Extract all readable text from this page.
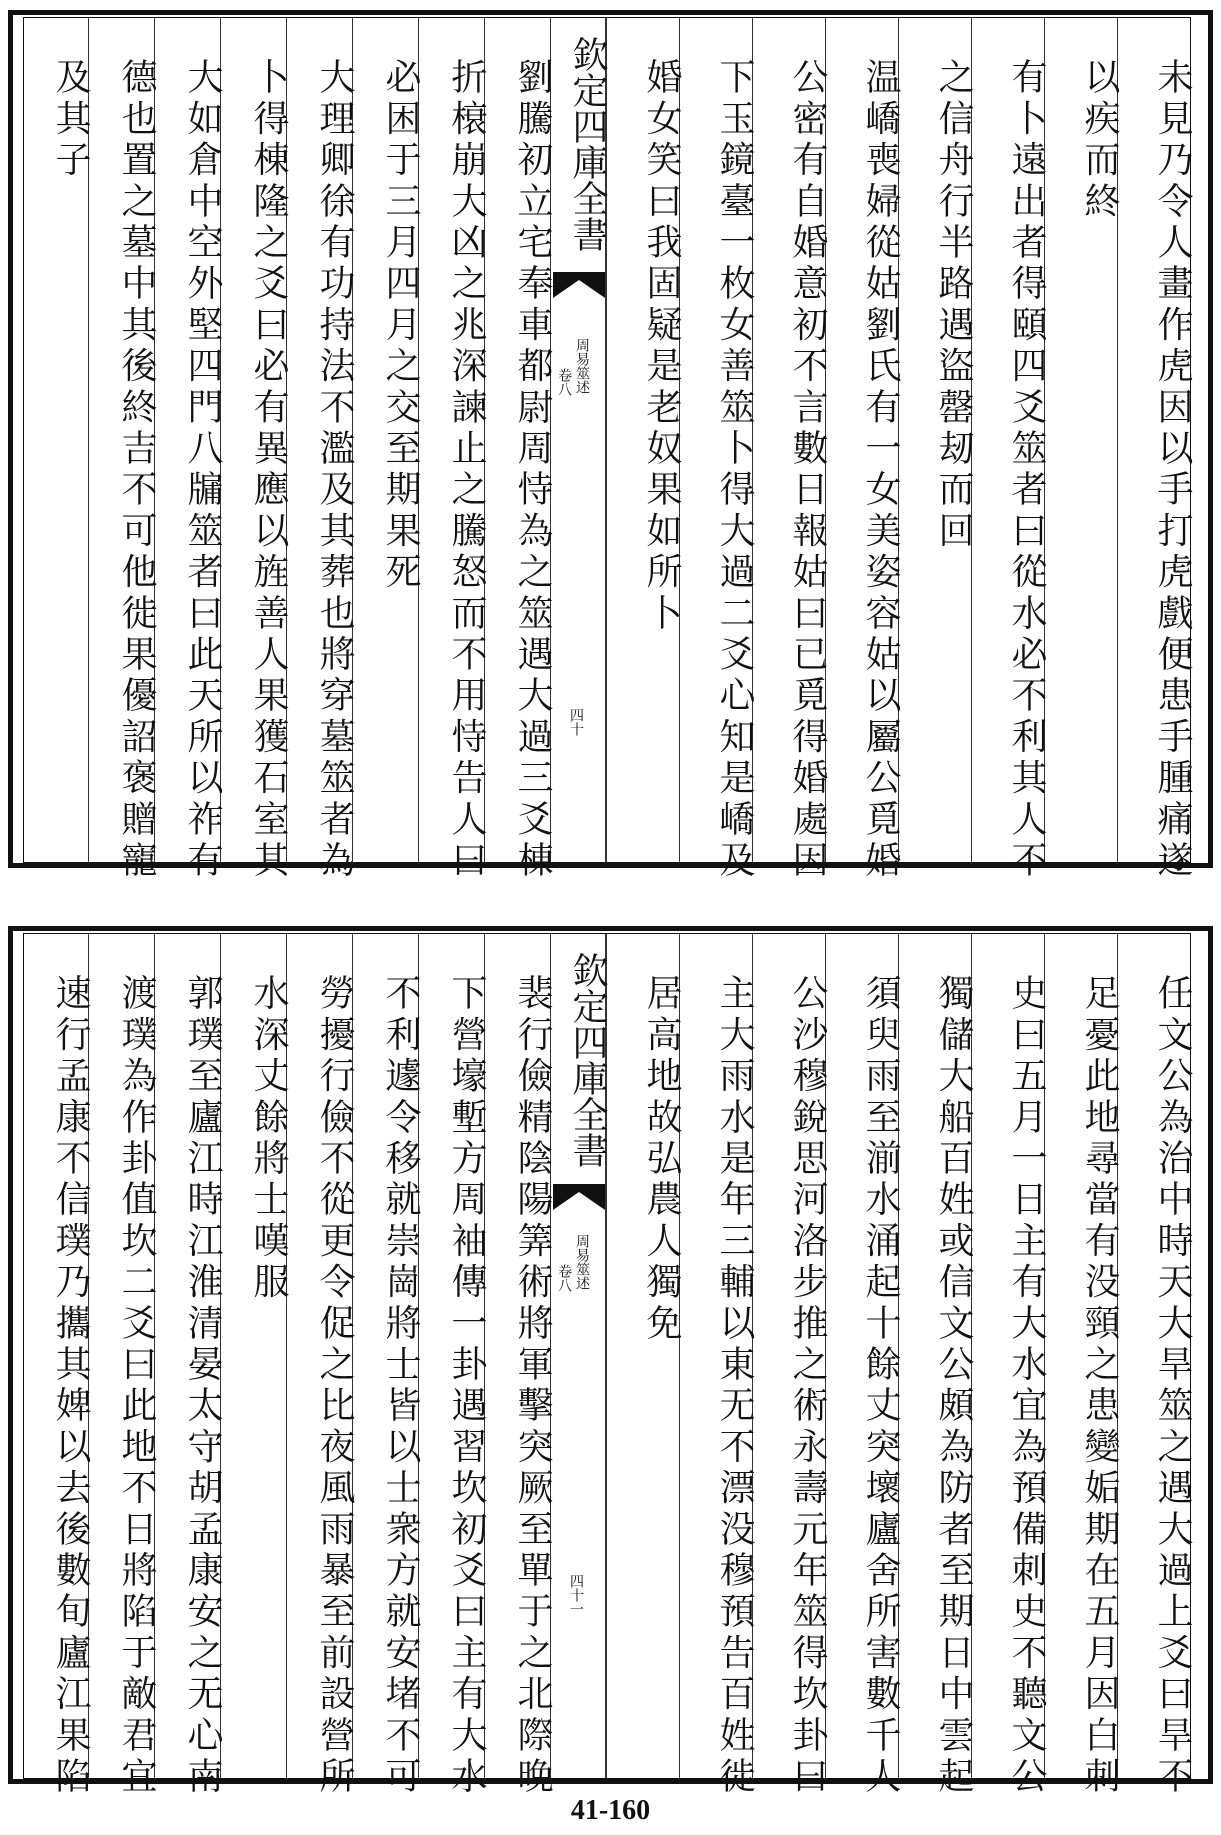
未見乃令人畫作虎因以手打虎戲便患手腫痛遂
以疾而終
有卜遠出者得頤四爻筮者曰從水必不利其人不
之信舟行半路遇盜罄刼而回
温嶠喪婦從姑劉氏有一女美姿容姑以屬公覓婚
公密有自婚意初不言數日報姑曰已覓得婚處因
下玉鏡臺一枚女善筮卜得大過二爻心知是嶠及
婚女笑曰我固疑是老奴果如所卜
欽定四庫全書
周易筮述
卷八
四十
劉騰初立宅奉車都尉周恃為之筮遇大過三爻棟
折榱崩大凶之兆深諫止之騰怒而不用恃告人曰
必困于三月四月之交至期果死
大理卿徐有功持法不濫及其葬也將穿墓筮者為
卜得棟隆之爻曰必有異應以旌善人果獲石室其
大如倉中空外堅四門八牖筮者曰此天所以祚有
德也置之墓中其後終吉不可他徙果優詔褒贈寵
及其子
任文公為治中時天大旱筮之遇大過上爻曰旱不
足憂此地尋當有没頸之患變姤期在五月因白刺
史曰五月一日主有大水宜為預備刺史不聽文公
獨儲大船百姓或信文公頗為防者至期日中雲起
須臾雨至湔水涌起十餘丈突壞廬舍所害數千人
公沙穆銳思河洛步推之術永壽元年筮得坎卦曰
主大雨水是年三輔以東无不漂没穆預告百姓徙
居高地故弘農人獨免
欽定四庫全書
周易筮述
卷八
四十一
裴行儉精陰陽筭術將軍擊突厥至單于之北際晚
下營壕塹方周袖傳一卦遇習坎初爻曰主有大水
不利遽令移就崇崗將士皆以士衆方就安堵不可
勞擾行儉不從更令促之比夜風雨暴至前設營所
水深丈餘將士嘆服
郭璞至廬江時江淮清晏太守胡孟康安之无心南
渡璞為作卦值坎二爻曰此地不日將陷于敵君宜
速行孟康不信璞乃攜其婢以去後數旬廬江果陷
41-160
